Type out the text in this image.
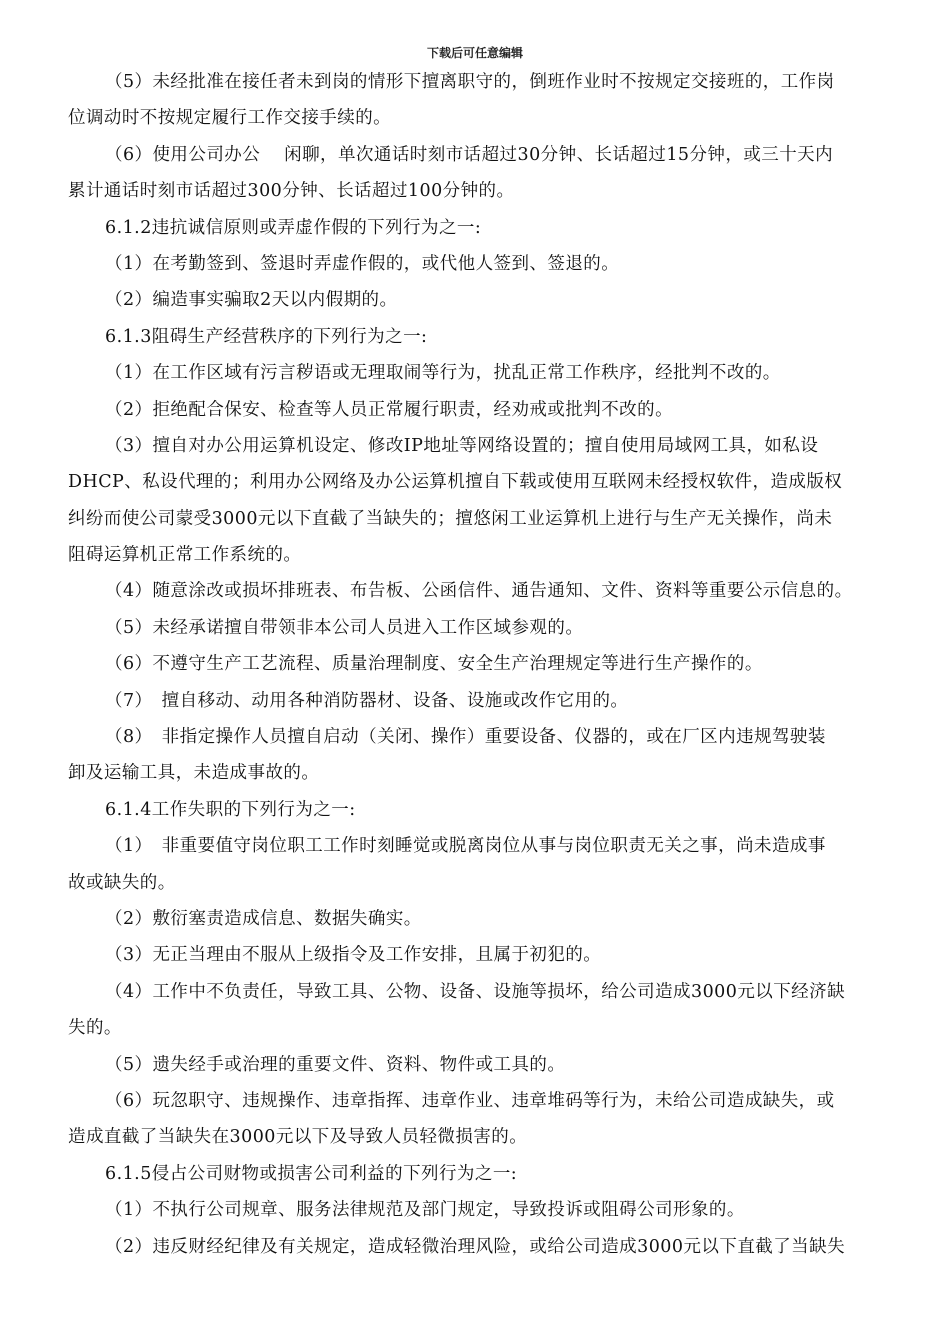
下载后可任意编辑
（5）未经批准在接任者未到岗的情形下擅离职守的，倒班作业时不按规定交接班的，工作岗
位调动时不按规定履行工作交接手续的。
（6）使用公司办公　 闲聊，单次通话时刻市话超过30分钟、长话超过15分钟，或三十天内
累计通话时刻市话超过300分钟、长话超过100分钟的。
6.1.2违抗诚信原则或弄虚作假的下列行为之一:
（1）在考勤签到、签退时弄虚作假的，或代他人签到、签退的。
（2）编造事实骗取2天以内假期的。
6.1.3阻碍生产经营秩序的下列行为之一:
（1）在工作区域有污言秽语或无理取闹等行为，扰乱正常工作秩序，经批判不改的。
（2）拒绝配合保安、检查等人员正常履行职责，经劝戒或批判不改的。
（3）擅自对办公用运算机设定、修改IP地址等网络设置的；擅自使用局域网工具，如私设
DHCP、私设代理的；利用办公网络及办公运算机擅自下载或使用互联网未经授权软件，造成版权
纠纷而使公司蒙受3000元以下直截了当缺失的；擅悠闲工业运算机上进行与生产无关操作，尚未
阻碍运算机正常工作系统的。
（4）随意涂改或损坏排班表、布告板、公函信件、通告通知、文件、资料等重要公示信息的。
（5）未经承诺擅自带领非本公司人员进入工作区域参观的。
（6）不遵守生产工艺流程、质量治理制度、安全生产治理规定等进行生产操作的。
（7）　擅自移动、动用各种消防器材、设备、设施或改作它用的。
（8）　非指定操作人员擅自启动（关闭、操作）重要设备、仪器的，或在厂区内违规驾驶装
卸及运输工具，未造成事故的。
6.1.4工作失职的下列行为之一:
（1）　非重要值守岗位职工工作时刻睡觉或脱离岗位从事与岗位职责无关之事，尚未造成事
故或缺失的。
（2）敷衍塞责造成信息、数据失确实。
（3）无正当理由不服从上级指令及工作安排，且属于初犯的。
（4）工作中不负责任，导致工具、公物、设备、设施等损坏，给公司造成3000元以下经济缺
失的。
（5）遗失经手或治理的重要文件、资料、物件或工具的。
（6）玩忽职守、违规操作、违章指挥、违章作业、违章堆码等行为，未给公司造成缺失，或
造成直截了当缺失在3000元以下及导致人员轻微损害的。
6.1.5侵占公司财物或损害公司利益的下列行为之一:
（1）不执行公司规章、服务法律规范及部门规定，导致投诉或阻碍公司形象的。
（2）违反财经纪律及有关规定，造成轻微治理风险，或给公司造成3000元以下直截了当缺失
